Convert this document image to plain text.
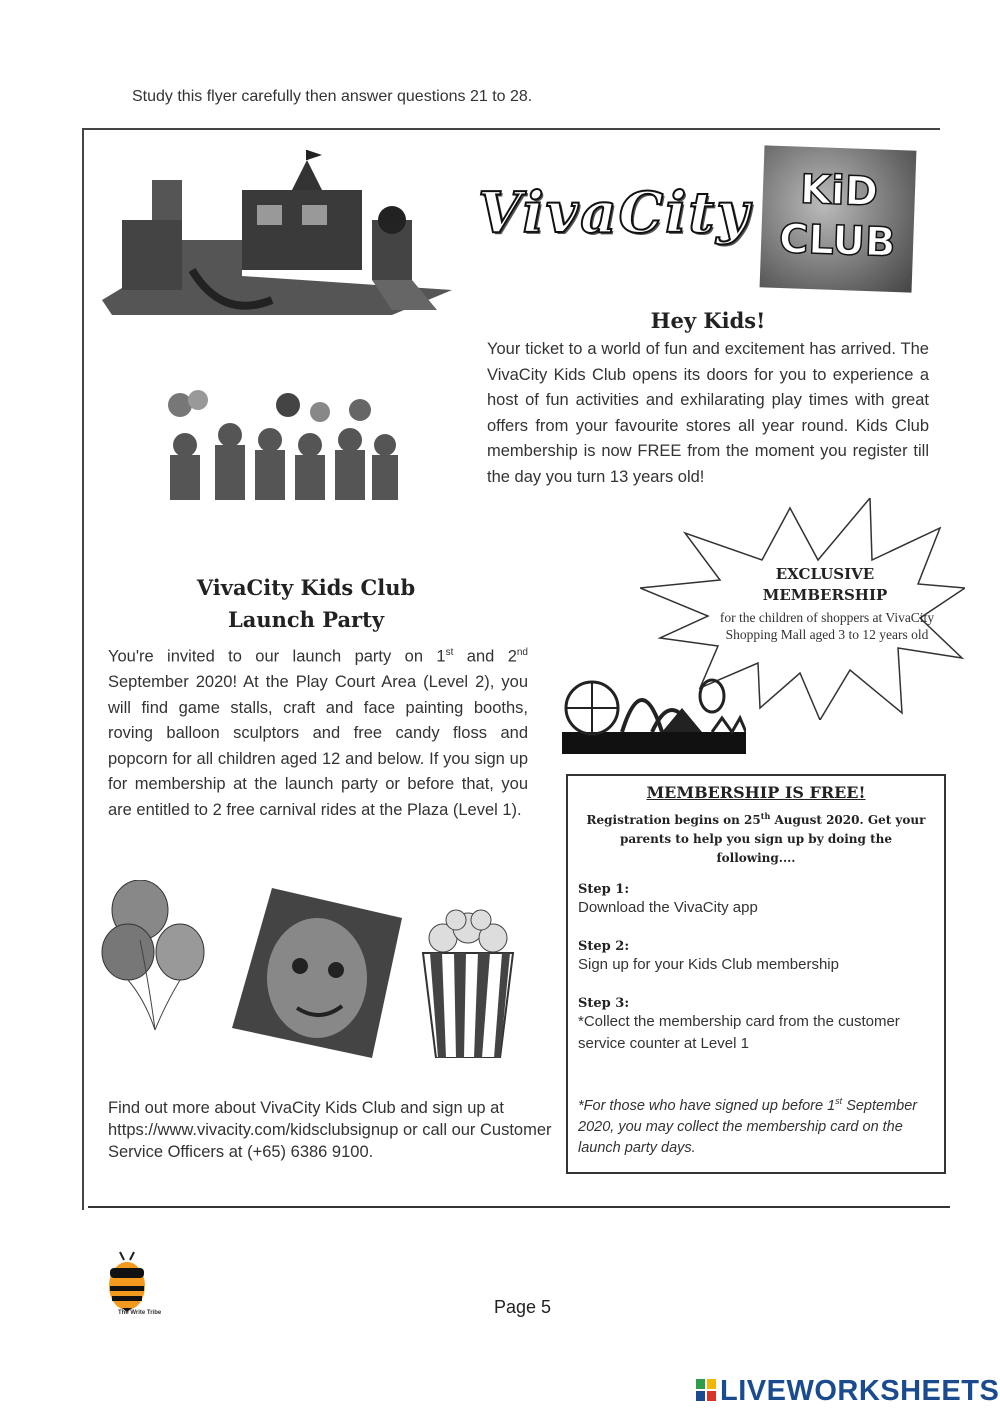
Study this flyer carefully then answer questions 21 to 28.
VivaCity	KiD
CLUB
Hey Kids!
Your ticket to a world of fun and excitement has arrived. The VivaCity Kids Club opens its doors for you to experience a host of fun activities and exhilarating play times with great offers from your favourite stores all year round. Kids Club membership is now FREE from the moment you register till the day you turn 13 years old!
EXCLUSIVE
MEMBERSHIP
for the children of shoppers at VivaCity Shopping Mall aged 3 to 12 years old
VivaCity Kids Club
Launch Party
You're invited to our launch party on 1st and 2nd September 2020! At the Play Court Area (Level 2), you will find game stalls, craft and face painting booths, roving balloon sculptors and free candy floss and popcorn for all children aged 12 and below. If you sign up for membership at the launch party or before that, you are entitled to 2 free carnival rides at the Plaza (Level 1).
MEMBERSHIP IS FREE!
Registration begins on 25th August 2020. Get your parents to help you sign up by doing the following....
Step 1:
Download the VivaCity app
Step 2:
Sign up for your Kids Club membership
Step 3:
*Collect the membership card from the customer service counter at Level 1
*For those who have signed up before 1st September 2020, you may collect the membership card on the launch party days.
Find out more about VivaCity Kids Club and sign up at https://www.vivacity.com/kidsclubsignup or call our Customer Service Officers at (+65) 6386 9100.
The Write Tribe	Page 5
LIVEWORKSHEETS
